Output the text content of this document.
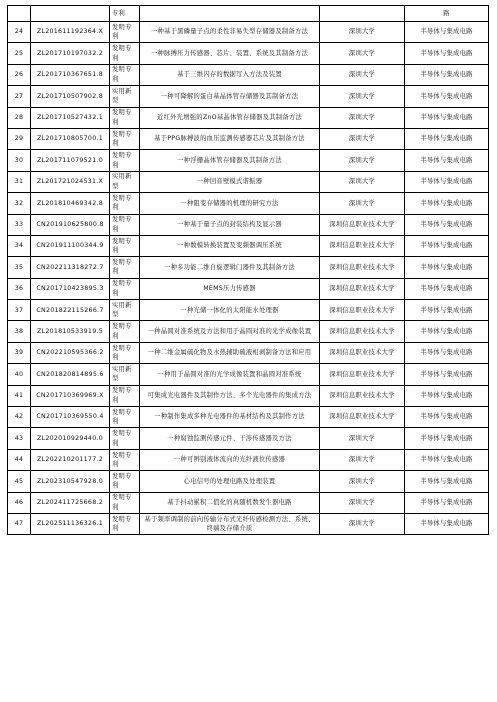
		专利			路
24	ZL201611192364.X	发明专利	一种基于黑磷量子点的柔性非易失型存储器及制备方法	深圳大学	半导体与集成电路
25	ZL201710197032.2	发明专利	一种脉搏压力传感器、芯片、装置、系统及其制备方法	深圳大学	半导体与集成电路
26	ZL201710367651.8	发明专利	基于三维闪存的数据写入方法及装置	深圳大学	半导体与集成电路
27	ZL201710507902.8	实用新型	一种可降解的蛋白基晶体管存储器及其制备方法	深圳大学	半导体与集成电路
28	ZL201710527432.1	发明专利	近红外光增强的ZnO基晶体管存储器及其制备方法	深圳大学	半导体与集成电路
29	ZL201710805700.1	发明专利	基于PPG脉搏波的血压监测传感器芯片及其制备方法	深圳大学	半导体与集成电路
30	ZL201711079521.0	发明专利	一种浮栅晶体管存储器及其制备方法	深圳大学	半导体与集成电路
31	ZL201721024531.X	实用新型	一种回音壁模式谐振器	深圳大学	半导体与集成电路
32	ZL201810469342.8	发明专利	一种阻变存储器的机理的研究方法	深圳大学	半导体与集成电路
33	CN201910625800.8	发明专利	一种基于量子点的封装结构及显示器	深圳信息职业技术大学	半导体与集成电路
34	CN201911100344.9	发明专利	一种数模转换装置及变频器调压系统	深圳信息职业技术大学	半导体与集成电路
35	CN202211318272.7	发明专利	一种多功能二维自旋逻辑门器件及其制备方法	深圳信息职业技术大学	半导体与集成电路
36	CN201710423895.3	发明专利	MEMS压力传感器	深圳信息职业技术大学	半导体与集成电路
37	CN201822115266.7	实用新型	一种光储一体化的太阳能水处理器	深圳信息职业技术大学	半导体与集成电路
38	ZL201810533919.5	发明专利	一种晶圆对准系统及方法和用于晶圆对准的光学成像装置	深圳信息职业技术大学	半导体与集成电路
39	CN202210595366.2	发明专利	一种二维金属硫化物及水热辅助硫液相剥制备方法和应用	深圳信息职业技术大学	半导体与集成电路
40	CN201820814895.6	实用新型	一种用于晶圆对准的光学成像装置和晶圆对准系统	深圳信息职业技术大学	半导体与集成电路
41	CN201710369969.X	发明专利	可集成光电器件及其制作方法、多个光电器件的集成方法	深圳信息职业技术大学	半导体与集成电路
42	CN201710369550.4	发明专利	一种制作集成多种光电器件的基材结构及其制作方法	深圳信息职业技术大学	半导体与集成电路
43	ZL202010929440.0	发明专利	一种腐蚀监测传感元件、干涉传感器及方法	深圳大学	半导体与集成电路
44	ZL202210201177.2	发明专利	一种可辨别液体流向的光纤液位传感器	深圳大学	半导体与集成电路
45	ZL202310547928.0	发明专利	心电信号的处理电路及处理装置	深圳大学	半导体与集成电路
46	ZL202411725668.2	发明专利	基于抖动累积二值化的真随机数发生器电路	深圳大学	半导体与集成电路
47	ZL202511136326.1	发明专利	基于频率调制的前向传输分布式光纤传感检测方法、系统、终端及存储介质	深圳大学	半导体与集成电路
